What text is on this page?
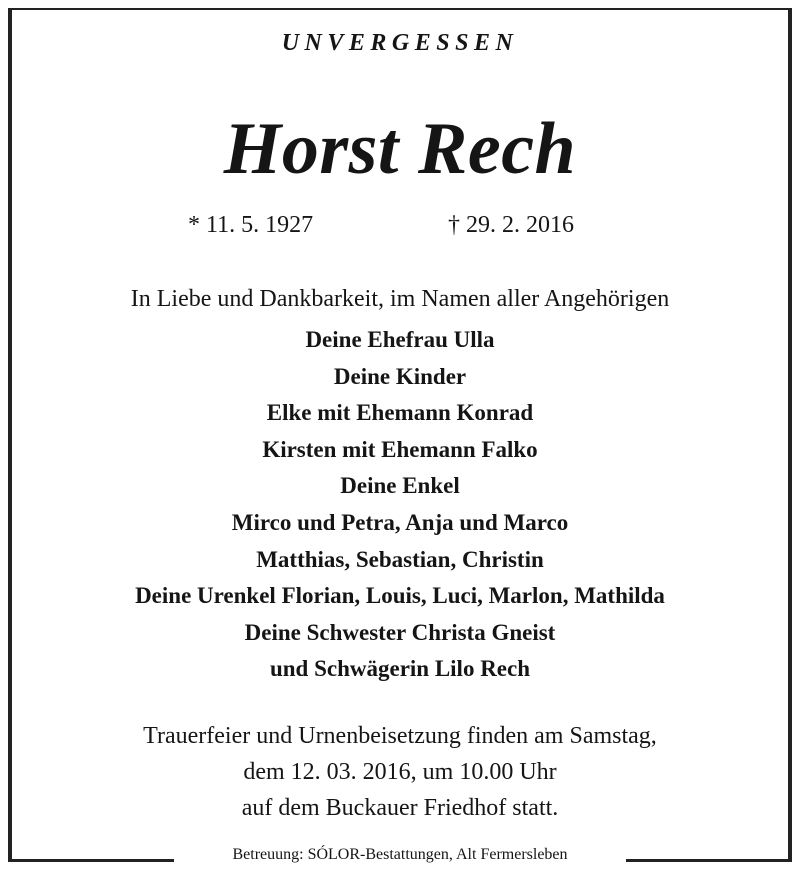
UNVERGESSEN
Horst Rech
* 11. 5. 1927	† 29. 2. 2016
In Liebe und Dankbarkeit, im Namen aller Angehörigen
Deine Ehefrau Ulla
Deine Kinder
Elke mit Ehemann Konrad
Kirsten mit Ehemann Falko
Deine Enkel
Mirco und Petra, Anja und Marco
Matthias, Sebastian, Christin
Deine Urenkel Florian, Louis, Luci, Marlon, Mathilda
Deine Schwester Christa Gneist
und Schwägerin Lilo Rech
Trauerfeier und Urnenbeisetzung finden am Samstag,
dem 12. 03. 2016, um 10.00 Uhr
auf dem Buckauer Friedhof statt.
Betreuung: SÓLOR-Bestattungen, Alt Fermersleben
